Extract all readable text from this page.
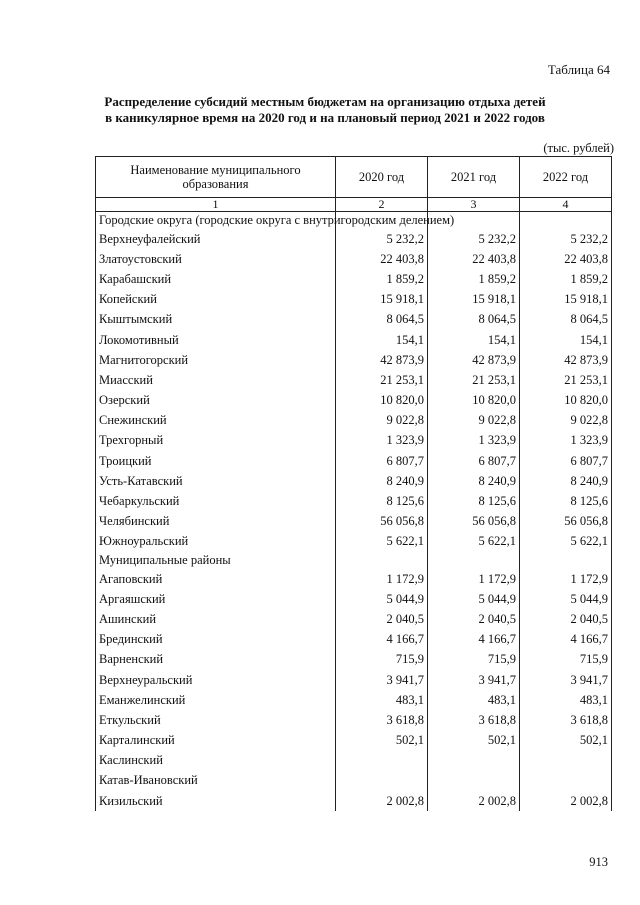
Таблица 64
Распределение субсидий местным бюджетам на организацию отдыха детей
в каникулярное время на 2020 год и на плановый период 2021 и 2022 годов
(тыс. рублей)
Наименование муниципального образования	2020 год	2021 год	2022 год
1	2	3	4
Городские округа (городские округа с внутригородским делением)			
Верхнеуфалейский	5 232,2	5 232,2	5 232,2
Златоустовский	22 403,8	22 403,8	22 403,8
Карабашский	1 859,2	1 859,2	1 859,2
Копейский	15 918,1	15 918,1	15 918,1
Кыштымский	8 064,5	8 064,5	8 064,5
Локомотивный	154,1	154,1	154,1
Магнитогорский	42 873,9	42 873,9	42 873,9
Миасский	21 253,1	21 253,1	21 253,1
Озерский	10 820,0	10 820,0	10 820,0
Снежинский	9 022,8	9 022,8	9 022,8
Трехгорный	1 323,9	1 323,9	1 323,9
Троицкий	6 807,7	6 807,7	6 807,7
Усть-Катавский	8 240,9	8 240,9	8 240,9
Чебаркульский	8 125,6	8 125,6	8 125,6
Челябинский	56 056,8	56 056,8	56 056,8
Южноуральский	5 622,1	5 622,1	5 622,1
Муниципальные районы			
Агаповский	1 172,9	1 172,9	1 172,9
Аргаяшский	5 044,9	5 044,9	5 044,9
Ашинский	2 040,5	2 040,5	2 040,5
Брединский	4 166,7	4 166,7	4 166,7
Варненский	715,9	715,9	715,9
Верхнеуральский	3 941,7	3 941,7	3 941,7
Еманжелинский	483,1	483,1	483,1
Еткульский	3 618,8	3 618,8	3 618,8
Карталинский	502,1	502,1	502,1
Каслинский			
Катав-Ивановский			
Кизильский	2 002,8	2 002,8	2 002,8
913
